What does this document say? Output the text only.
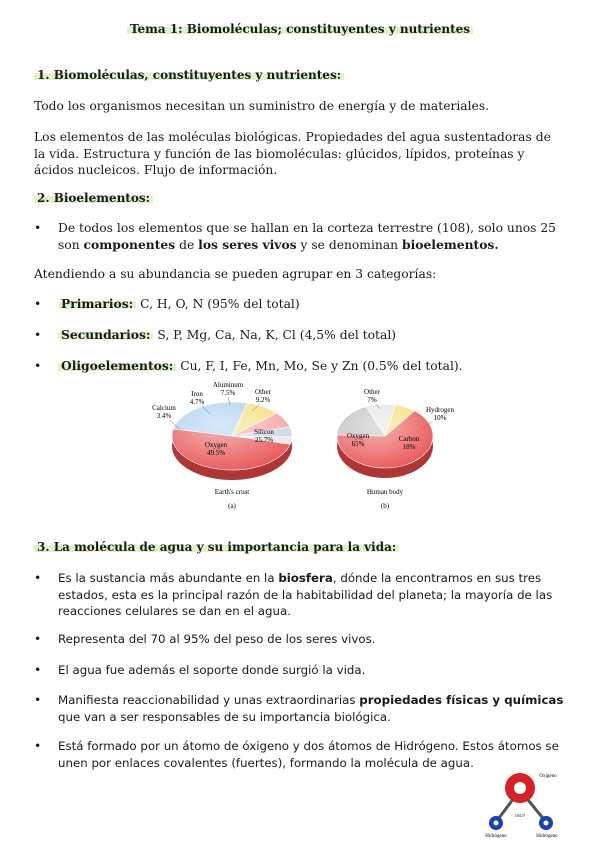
Tema 1: Biomoléculas; constituyentes y nutrientes
1. Biomoléculas, constituyentes y nutrientes:

Todo los organismos necesitan un suministro de energía y de materiales.

Los elementos de las moléculas biológicas. Propiedades del agua sustentadoras de la vida. Estructura y función de las biomoléculas: glúcidos, lípidos, proteínas y ácidos nucleicos. Flujo de información.

2. Bioelementos:
• De todos los elementos que se hallan en la corteza terrestre (108), solo unos 25 son componentes de los seres vivos y se denominan bioelementos.

Atendiendo a su abundancia se pueden agrupar en 3 categorías:

• Primarios: C, H, O, N (95% del total)
• Secundarios: S, P, Mg, Ca, Na, K, Cl (4,5% del total)
• Oligoelementos: Cu, F, I, Fe, Mn, Mo, Se y Zn (0.5% del total).
Calcium
3.4%
Iron
4.7%
Aluminum
7.5%	Other
9.2%
Silicon
25.7%
Oxygen
49.5%
Other
7%
Hydrogen
10%
Carbon
18%
Oxygen
65%
Earth's crust
(a)
Human body
(b)
3. La molécula de agua y su importancia para la vida:
• Es la sustancia más abundante en la biosfera, dónde la encontramos en sus tres estados, esta es la principal razón de la habitabilidad del planeta; la mayoría de las reacciones celulares se dan en el agua.
• Representa del 70 al 95% del peso de los seres vivos.
• El agua fue además el soporte donde surgió la vida.
• Manifiesta reaccionabilidad y unas extraordinarias propiedades físicas y químicas que van a ser responsables de su importancia biológica.
• Está formado por un átomo de óxigeno y dos átomos de Hidrógeno. Estos átomos se unen por enlaces covalentes (fuertes), formando la molécula de agua.
Oxígeno
104.5º
Hidrógeno	Hidrógeno
